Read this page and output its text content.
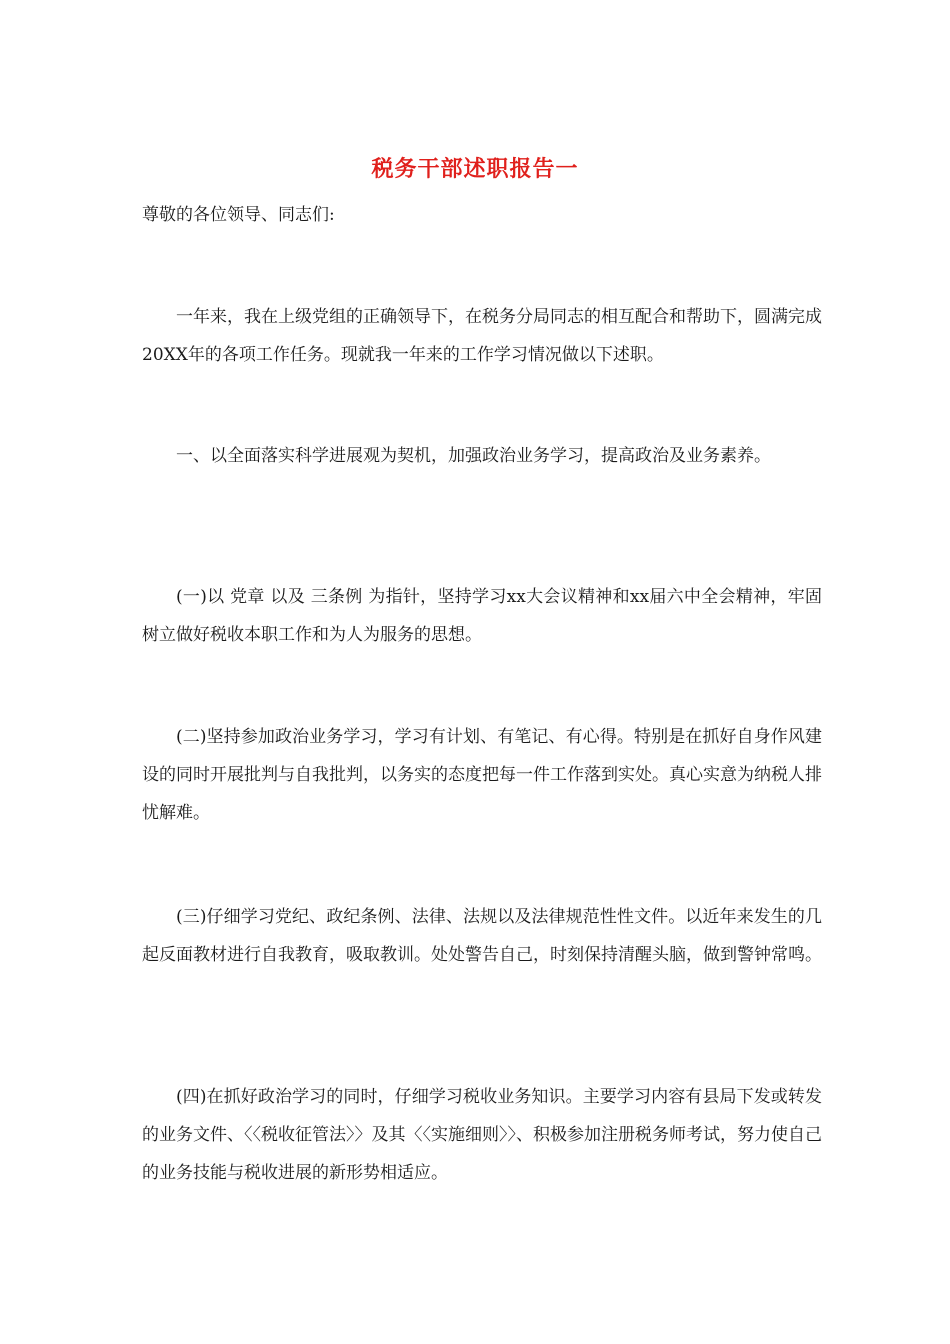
税务干部述职报告一

尊敬的各位领导、同志们:

一年来，我在上级党组的正确领导下，在税务分局同志的相互配合和帮助下，圆满完成20XX年的各项工作任务。现就我一年来的工作学习情况做以下述职。

一、以全面落实科学进展观为契机，加强政治业务学习，提高政治及业务素养。

(一)以 党章 以及 三条例 为指针，坚持学习xx大会议精神和xx届六中全会精神，牢固树立做好税收本职工作和为人为服务的思想。

(二)坚持参加政治业务学习，学习有计划、有笔记、有心得。特别是在抓好自身作风建设的同时开展批判与自我批判，以务实的态度把每一件工作落到实处。真心实意为纳税人排忧解难。

(三)仔细学习党纪、政纪条例、法律、法规以及法律规范性性文件。以近年来发生的几起反面教材进行自我教育，吸取教训。处处警告自己，时刻保持清醒头脑，做到警钟常鸣。

(四)在抓好政治学习的同时，仔细学习税收业务知识。主要学习内容有县局下发或转发的业务文件、〈〈税收征管法〉〉及其〈〈实施细则〉〉、积极参加注册税务师考试，努力使自己的业务技能与税收进展的新形势相适应。
